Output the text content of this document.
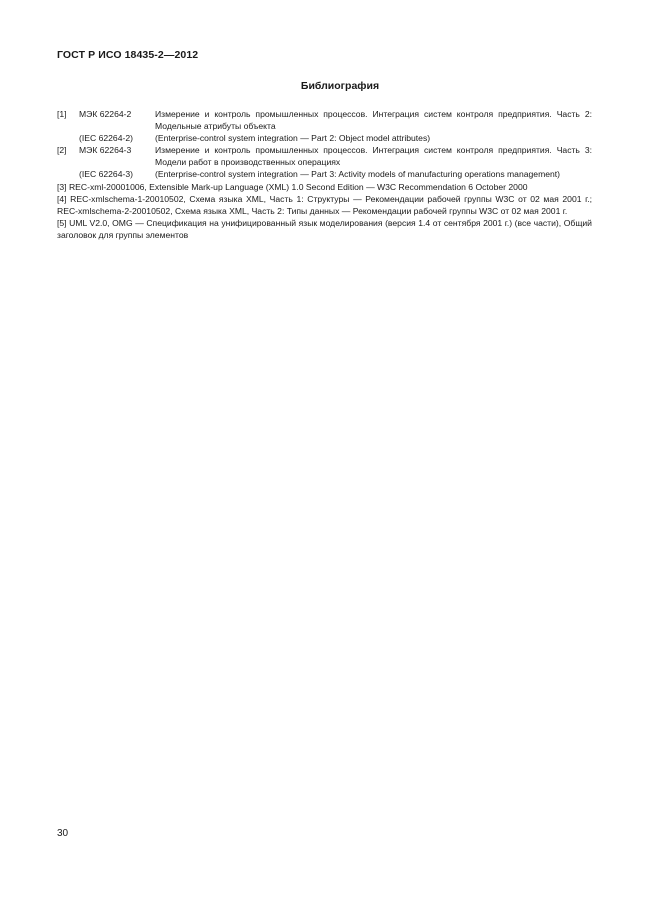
ГОСТ Р ИСО 18435-2—2012
Библиография
[1]	МЭК 62264-2	Измерение и контроль промышленных процессов. Интеграция систем контроля предприятия. Часть 2: Модельные атрибуты объекта
(IEC 62264-2)	(Enterprise-control system integration — Part 2: Object model attributes)
[2]	МЭК 62264-3	Измерение и контроль промышленных процессов. Интеграция систем контроля предприятия. Часть 3: Модели работ в производственных операциях
(IEC 62264-3)	(Enterprise-control system integration — Part 3: Activity models of manufacturing operations management)
[3] REC-xml-20001006, Extensible Mark-up Language (XML) 1.0 Second Edition — W3C Recommendation 6 October 2000
[4] REC-xmlschema-1-20010502, Схема языка XML, Часть 1: Структуры — Рекомендации рабочей группы W3C от 02 мая 2001 г.; REC-xmlschema-2-20010502, Схема языка XML, Часть 2: Типы данных — Рекомендации рабочей группы W3C от 02 мая 2001 г.
[5] UML V2.0, OMG — Спецификация на унифицированный язык моделирования (версия 1.4 от сентября 2001 г.) (все части), Общий заголовок для группы элементов
30
